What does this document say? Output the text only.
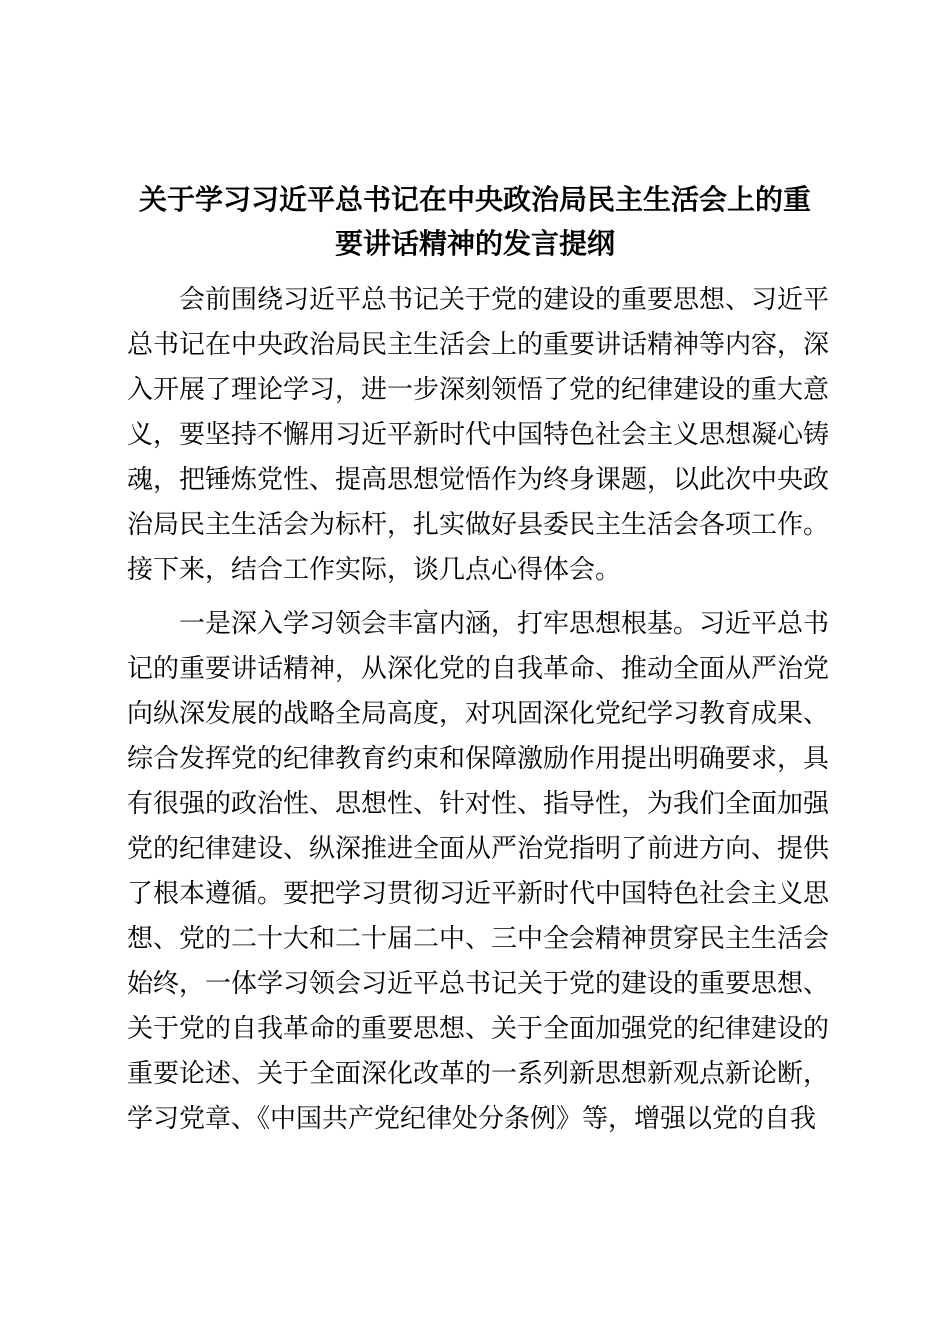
关于学习习近平总书记在中央政治局民主生活会上的重
要讲话精神的发言提纲
会前围绕习近平总书记关于党的建设的重要思想、习近平
总书记在中央政治局民主生活会上的重要讲话精神等内容，深
入开展了理论学习，进一步深刻领悟了党的纪律建设的重大意
义，要坚持不懈用习近平新时代中国特色社会主义思想凝心铸
魂，把锤炼党性、提高思想觉悟作为终身课题，以此次中央政
治局民主生活会为标杆，扎实做好县委民主生活会各项工作。
接下来，结合工作实际，谈几点心得体会。
一是深入学习领会丰富内涵，打牢思想根基。习近平总书
记的重要讲话精神，从深化党的自我革命、推动全面从严治党
向纵深发展的战略全局高度，对巩固深化党纪学习教育成果、
综合发挥党的纪律教育约束和保障激励作用提出明确要求，具
有很强的政治性、思想性、针对性、指导性，为我们全面加强
党的纪律建设、纵深推进全面从严治党指明了前进方向、提供
了根本遵循。要把学习贯彻习近平新时代中国特色社会主义思
想、党的二十大和二十届二中、三中全会精神贯穿民主生活会
始终，一体学习领会习近平总书记关于党的建设的重要思想、
关于党的自我革命的重要思想、关于全面加强党的纪律建设的
重要论述、关于全面深化改革的一系列新思想新观点新论断，
学习党章、《中国共产党纪律处分条例》等，增强以党的自我
